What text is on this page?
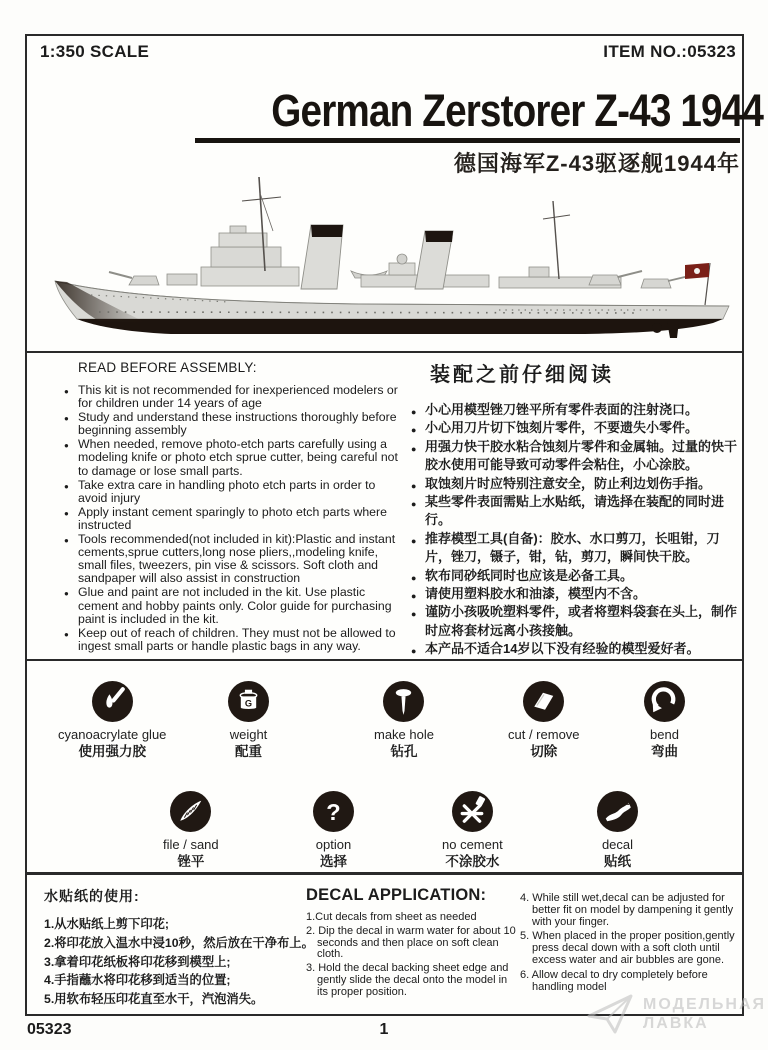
1:350 SCALE	ITEM NO.:05323
German Zerstorer Z-43 1944
德国海军Z-43驱逐舰1944年
READ BEFORE ASSEMBLY:
● This kit is not recommended for inexperienced modelers or for children under 14 years of age
● Study and understand these instructions thoroughly before beginning assembly
● When needed, remove photo-etch parts carefully using a modeling knife or photo etch sprue cutter, being careful not to damage or lose small parts.
● Take extra care in handling photo etch parts in order to avoid injury
● Apply instant cement sparingly to photo etch parts where instructed
● Tools recommended(not included in kit):Plastic and instant cements,sprue cutters,long nose pliers,,modeling knife, small files, tweezers, pin vise & scissors. Soft cloth and sandpaper will also assist in construction
● Glue and paint are not included in the kit. Use plastic cement and hobby paints only. Color guide for purchasing paint is included in the kit.
● Keep out of reach of children. They must not be allowed to ingest small parts or handle plastic bags in any way.
装配之前仔细阅读
● 小心用模型锉刀锉平所有零件表面的注射浇口。
● 小心用刀片切下蚀刻片零件，不要遗失小零件。
● 用强力快干胶水粘合蚀刻片零件和金属轴。过量的快干胶水使用可能导致可动零件会粘住，小心涂胶。
● 取蚀刻片时应特别注意安全，防止利边划伤手指。
● 某些零件表面需贴上水贴纸，请选择在装配的同时进行。
● 推荐模型工具(自备)：胶水、水口剪刀，长咀钳，刀片，锉刀，镊子，钳，钻，剪刀，瞬间快干胶。
● 软布同砂纸同时也应该是必备工具。
● 请使用塑料胶水和油漆，模型内不含。
● 谨防小孩吸吮塑料零件，或者将塑料袋套在头上，制作时应将套材远离小孩接触。
● 本产品不适合14岁以下没有经验的模型爱好者。
cyanoacrylate glue
使用强力胶
G
weight
配重
make hole
钻孔
cut / remove
切除
bend
弯曲
file / sand
锉平
?
option
选择
no cement
不涂胶水
decal
贴纸
水贴纸的使用:
1.从水贴纸上剪下印花;
2.将印花放入温水中浸10秒，然后放在干净布上。
3.拿着印花纸板将印花移到模型上;
4.手指蘸水将印花移到适当的位置;
5.用软布轻压印花直至水干，汽泡消失。
DECAL APPLICATION:
1.Cut decals from sheet as needed
2. Dip the decal in warm water for about 10 seconds and then place on soft clean cloth.
3. Hold the decal backing sheet edge and gently slide the decal onto the model in its proper position.
4. While still wet,decal can be adjusted for better fit on model by dampening it gently with your finger.
5. When placed in the proper position,gently press decal down with a soft cloth until excess water and air bubbles are gone.
6. Allow decal to dry completely before handling model
05323	1
МОДЕЛЬНАЯ
ЛАВКА
